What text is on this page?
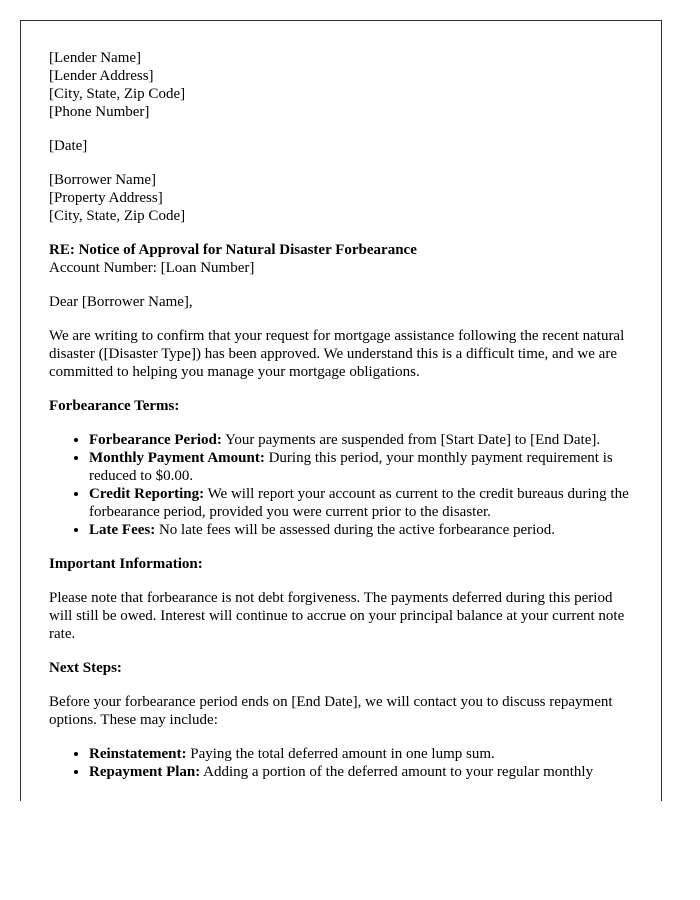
[Lender Name]
[Lender Address]
[City, State, Zip Code]
[Phone Number]
[Date]
[Borrower Name]
[Property Address]
[City, State, Zip Code]
RE: Notice of Approval for Natural Disaster Forbearance
Account Number: [Loan Number]

Dear [Borrower Name],

We are writing to confirm that your request for mortgage assistance following the recent natural disaster ([Disaster Type]) has been approved. We understand this is a difficult time, and we are committed to helping you manage your mortgage obligations.

Forbearance Terms:

• Forbearance Period: Your payments are suspended from [Start Date] to [End Date].
• Monthly Payment Amount: During this period, your monthly payment requirement is reduced to $0.00.
• Credit Reporting: We will report your account as current to the credit bureaus during the forbearance period, provided you were current prior to the disaster.
• Late Fees: No late fees will be assessed during the active forbearance period.

Important Information:

Please note that forbearance is not debt forgiveness. The payments deferred during this period will still be owed. Interest will continue to accrue on your principal balance at your current note rate.

Next Steps:

Before your forbearance period ends on [End Date], we will contact you to discuss repayment options. These may include:

• Reinstatement: Paying the total deferred amount in one lump sum.
• Repayment Plan: Adding a portion of the deferred amount to your regular monthly
